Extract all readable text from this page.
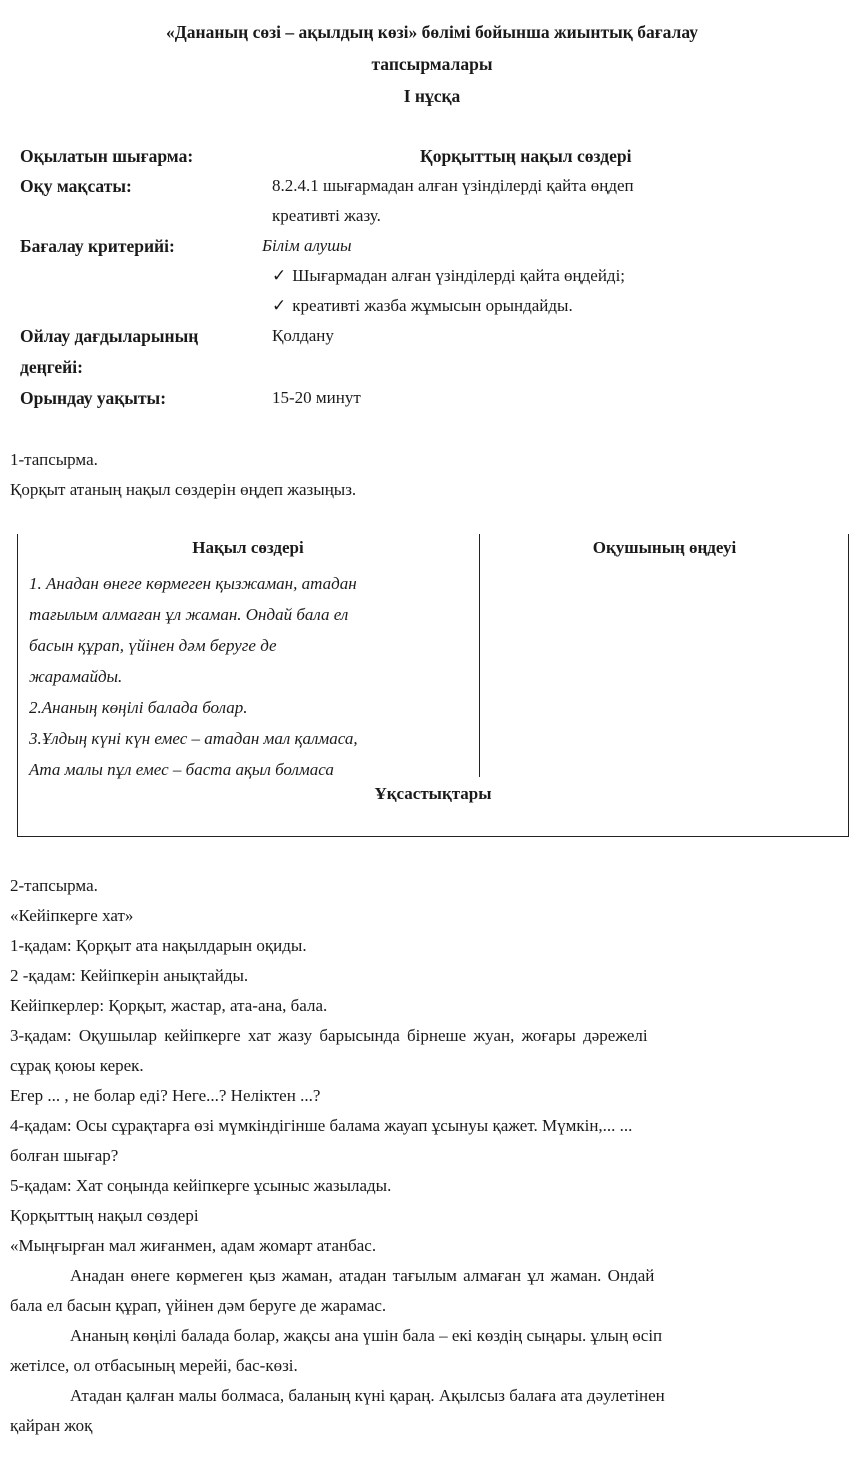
«Дананың сөзі – ақылдың көзі» бөлімі бойынша жиынтық бағалау
тапсырмалары
І нұсқа
Оқылатын шығарма:	Қорқыттың нақыл сөздері
Оқу мақсаты:	8.2.4.1 шығармадан алған үзінділерді қайта өңдеп
креативті жазу.
Бағалау критерийі:	Білім алушы
✓ Шығармадан алған үзінділерді қайта өңдейді;
✓ креативті жазба жұмысын орындайды.
Ойлау дағдыларының	Қолдану
деңгейі:
Орындау уақыты:	15-20 минут
1-тапсырма.
Қорқыт атаның нақыл сөздерін өңдеп жазыңыз.
Нақыл сөздері	Оқушының өңдеуі
1. Анадан өнеге көрмеген қызжаман, атадан
тағылым алмаған ұл жаман. Ондай бала ел
басын құрап, үйінен дәм беруге де
жарамайды.
2.Ананың көңілі балада болар.
3.Ұлдың күні күн емес – атадан мал қалмаса,
Ата малы пұл емес – баста ақыл болмаса
Ұқсастықтары
2-тапсырма.
«Кейіпкерге хат»
1-қадам: Қорқыт ата нақылдарын оқиды.
2 -қадам: Кейіпкерін анықтайды.
Кейіпкерлер: Қорқыт, жастар, ата-ана, бала.
3-қадам: Оқушылар кейіпкерге хат жазу барысында бірнеше жуан, жоғары дәрежелі
сұрақ қоюы керек.
Егер ... , не болар еді? Неге...? Неліктен ...?
4-қадам: Осы сұрақтарға өзі мүмкіндігінше балама жауап ұсынуы қажет. Мүмкін,... ...
болған шығар?
5-қадам: Хат соңында кейіпкерге ұсыныс жазылады.
Қорқыттың нақыл сөздері
«Мыңғырған мал жиғанмен, адам жомарт атанбас.
Анадан өнеге көрмеген қыз жаман, атадан тағылым алмаған ұл жаман. Ондай
бала ел басын құрап, үйінен дәм беруге де жарамас.
Ананың көңілі балада болар, жақсы ана үшін бала – екі көздің сыңары. ұлың өсіп
жетілсе, ол отбасының мерейі, бас-көзі.
Атадан қалған малы болмаса, баланың күні қараң. Ақылсыз балаға ата дәулетінен
қайран жоқ
